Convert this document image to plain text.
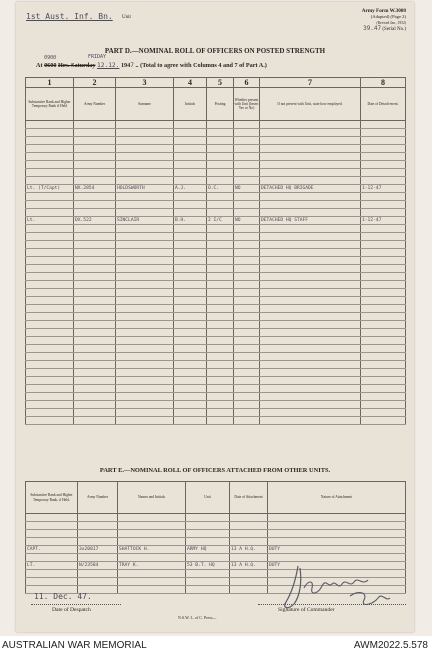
1st Aust. Inf. Bn. Unit
Army Form W.3008
(Adapted) (Page 2)
(Revised Jan., 1952)
39.47 (Serial No.)
PART D.—NOMINAL ROLL OF OFFICERS ON POSTED STRENGTH
At 0600
0900
Hrs. Saturday
FRIDAY
12.12. 1947 .. (Total to agree with Columns 4 and 7 of Part A.)
1	2	3	4	5	6	7	8
Substantive Rank and Higher Temporary Rank if Held	Army Number	Surname	Initials	Posting	Whether present with Unit (Insert Yes or No)	If not present with Unit, state how employed.	Date of Detach-ment.

Lt. (T/Capt)	NX.2854	HOLDSWORTH	A.J.	O.C.	NO	DETACHED HQ BRIGADE	1-12-47

Lt.	DX.522	SINCLAIR	B.H.	2 I/C	NO	DETACHED HQ STAFF	1-12-47

PART E.—NOMINAL ROLL OF OFFICERS ATTACHED FROM OTHER UNITS.
Substantive Rank and Higher Temporary Rank, if Held.	Army Number	Names and Initials	Unit	Date of Attachment	Nature of Attachment

CAPT.	3x20817	SHATTOCK H.	ARMY HQ	13 A H.Q.	DUTY

LT.	N/23584	TRAY K.	53 B.T. HQ	13 A H.Q.	DUTY

11. Dec. 47.
Date of Despatch
N.S.W. L. of C. Press—
Signature of Commander
AUSTRALIAN WAR MEMORIAL	AWM2022.5.578
